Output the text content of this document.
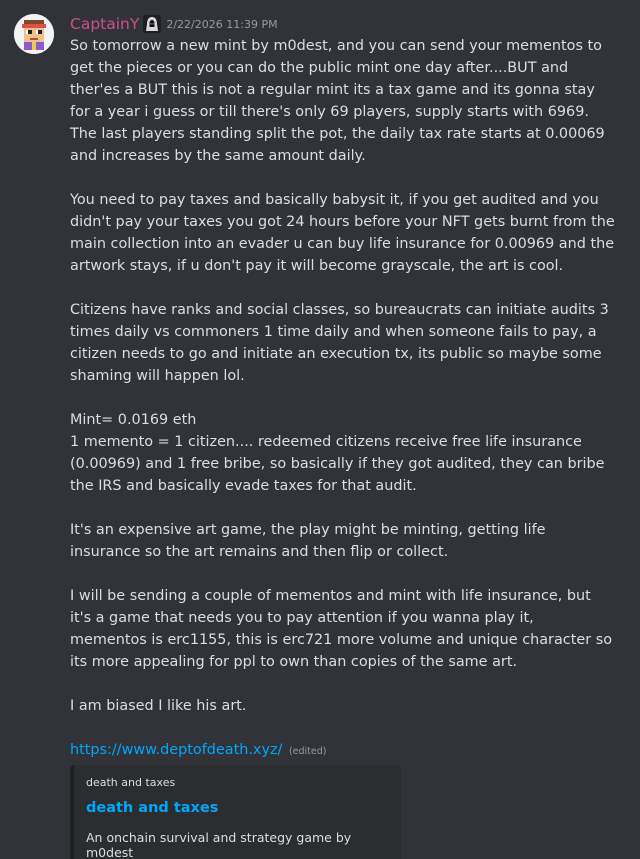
CaptainY 2/22/2026 11:39 PM

So tomorrow a new mint by m0dest, and you can send your mementos to get the pieces or you can do the public mint one day after....BUT and ther'es a BUT this is not a regular mint its a tax game and its gonna stay for a year i guess or till there's only 69 players, supply starts with 6969. The last players standing split the pot, the daily tax rate starts at 0.00069 and increases by the same amount daily.

You need to pay taxes and basically babysit it, if you get audited and you didn't pay your taxes you got 24 hours before your NFT gets burnt from the main collection into an evader u can buy life insurance for 0.00969 and the artwork stays, if u don't pay it will become grayscale, the art is cool.

Citizens have ranks and social classes, so bureaucrats can initiate audits 3 times daily vs commoners 1 time daily and when someone fails to pay, a citizen needs to go and initiate an execution tx, its public so maybe some shaming will happen lol.

Mint= 0.0169 eth
1 memento = 1 citizen.... redeemed citizens receive free life insurance (0.00969) and 1 free bribe, so basically if they got audited, they can bribe the IRS and basically evade taxes for that audit.

It's an expensive art game, the play might be minting, getting life insurance so the art remains and then flip or collect.

I will be sending a couple of mementos and mint with life insurance, but it's a game that needs you to pay attention if you wanna play it, mementos is erc1155, this is erc721 more volume and unique character so its more appealing for ppl to own than copies of the same art.

I am biased I like his art.

https://www.deptofdeath.xyz/ (edited)
death and taxes
death and taxes
An onchain survival and strategy game by m0dest
